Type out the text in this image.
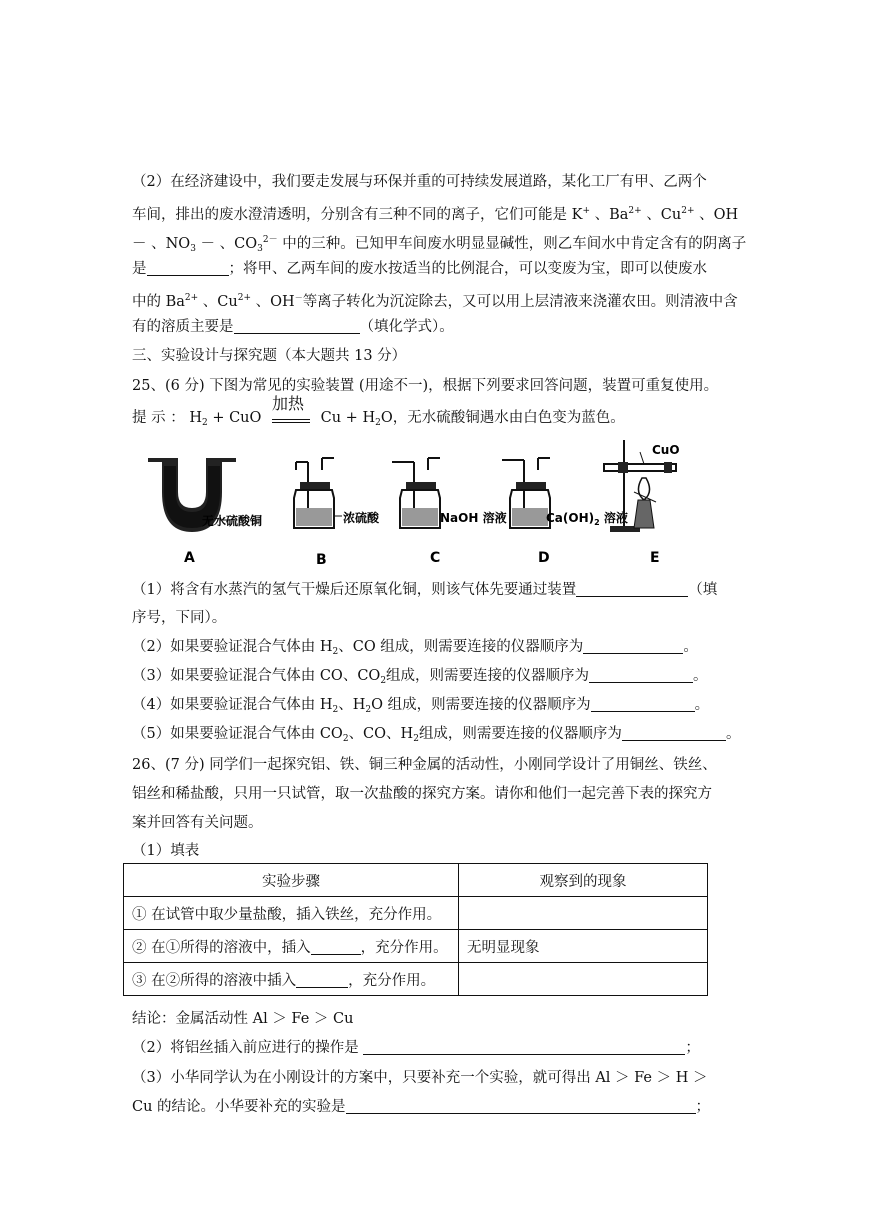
（2）在经济建设中，我们要走发展与环保并重的可持续发展道路，某化工厂有甲、乙两个
车间，排出的废水澄清透明，分别含有三种不同的离子，它们可能是 K+ 、$Ba^{2+}$ 、$Cu^{2+}$ 、OH
－ 、$NO_3$ － 、$CO_3^{2-}$ 中的三种。已知甲车间废水明显显碱性，则乙车间水中肯定含有的阴离子
是	；将甲、乙两车间的废水按适当的比例混合，可以变废为宝，即可以使废水
中的 $Ba^{2+}$ 、$Cu^{2+}$ 、OH－等离子转化为沉淀除去，又可以用上层清液来浇灌农田。则清液中含
有的溶质主要是	（填化学式）。
三、实验设计与探究题（本大题共 13 分）
25、(6 分) 下图为常见的实验装置 (用途不一)，根据下列要求回答问题，装置可重复使用。
提 示 ： $H_2$ + CuO
加热
$Cu + H_2O$，无水硫酸铜遇水由白色变为蓝色。
无水硫酸铜	浓硫酸	NaOH 溶液	$Ca(OH)_2$ 溶液
CuO
A	B	C	D	E
（1）将含有水蒸汽的氢气干燥后还原氧化铜，则该气体先要通过装置	（填
序号，下同）。
（2）如果要验证混合气体由 $H_2$、CO 组成，则需要连接的仪器顺序为	。
（3）如果要验证混合气体由 CO、$CO_2$组成，则需要连接的仪器顺序为	。
（4）如果要验证混合气体由 $H_2$、$H_2O$ 组成，则需要连接的仪器顺序为	。
（5）如果要验证混合气体由 $CO_2$、CO、$H_2$组成，则需要连接的仪器顺序为	。
26、(7 分) 同学们一起探究铝、铁、铜三种金属的活动性，小刚同学设计了用铜丝、铁丝、
铝丝和稀盐酸，只用一只试管，取一次盐酸的探究方案。请你和他们一起完善下表的探究方
案并回答有关问题。
（1）填表
实验步骤	观察到的现象
① 在试管中取少量盐酸，插入铁丝，充分作用。	
② 在①所得的溶液中，插入 ，充分作用。	无明显现象
③ 在②所得的溶液中插入 ，充分作用。	
结论：金属活动性 Al ＞ Fe ＞ Cu
（2）将铝丝插入前应进行的操作是	；
（3）小华同学认为在小刚设计的方案中，只要补充一个实验，就可得出 Al ＞ Fe ＞ H ＞
Cu 的结论。小华要补充的实验是	；
